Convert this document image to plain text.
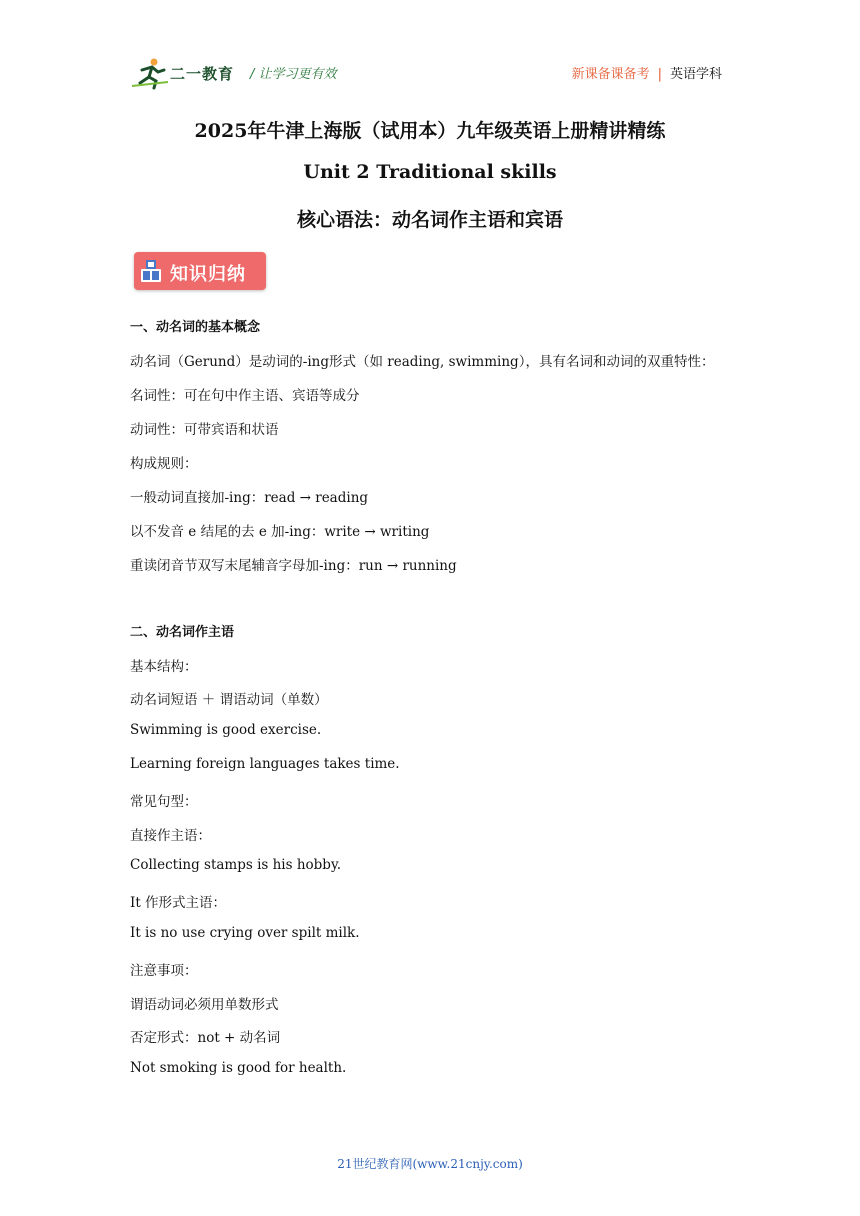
二一教育 / 让学习更有效	新课备课备考 | 英语学科
2025年牛津上海版（试用本）九年级英语上册精讲精练
Unit 2 Traditional skills
核心语法：动名词作主语和宾语
知识归纳
一、动名词的基本概念
动名词（Gerund）是动词的-ing形式（如 reading, swimming），具有名词和动词的双重特性：
名词性：可在句中作主语、宾语等成分
动词性：可带宾语和状语
构成规则：
一般动词直接加-ing：read → reading
以不发音 e 结尾的去 e 加-ing：write → writing
重读闭音节双写末尾辅音字母加-ing：run → running
二、动名词作主语
基本结构：
动名词短语 ＋ 谓语动词（单数）
Swimming is good exercise.
Learning foreign languages takes time.
常见句型：
直接作主语：
Collecting stamps is his hobby.
It 作形式主语：
It is no use crying over spilt milk.
注意事项：
谓语动词必须用单数形式
否定形式：not + 动名词
Not smoking is good for health.
21世纪教育网(www.21cnjy.com)
